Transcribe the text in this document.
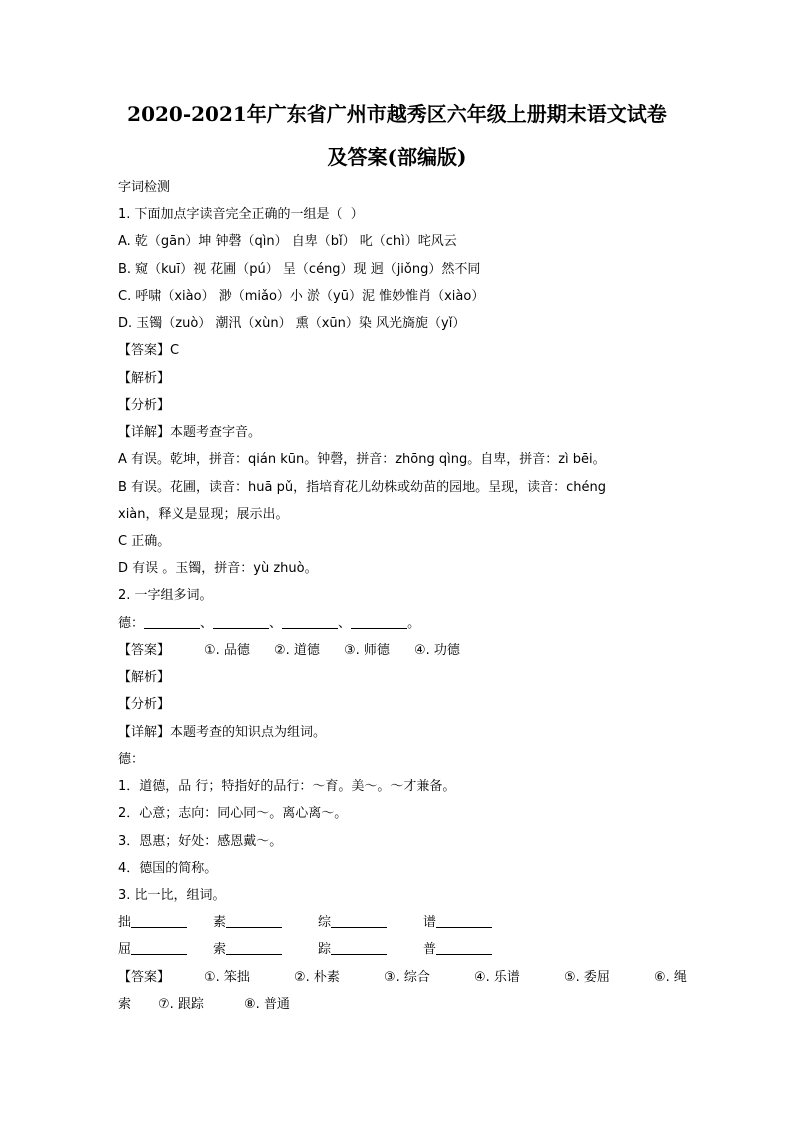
2020-2021年广东省广州市越秀区六年级上册期末语文试卷
及答案(部编版)
字词检测
1. 下面加点字读音完全正确的一组是（  ）
A. 乾（gān）坤 钟磬（qìn） 自卑（bǐ） 叱（chì）咤风云
B. 窥（kuī）视 花圃（pú） 呈（céng）现 迥（jiǒng）然不同
C. 呼啸（xiào） 渺（miǎo）小 淤（yū）泥 惟妙惟肖（xiào）
D. 玉镯（zuò） 潮汛（xùn） 熏（xūn）染 风光旖旎（yǐ）
【答案】C
【解析】
【分析】
【详解】本题考查字音。
A 有误。乾坤，拼音：qián kūn。钟磬，拼音：zhōng qìng。自卑，拼音：zì bēi。
B 有误。花圃，读音：huā pǔ，指培育花儿幼株或幼苗的园地。呈现，读音：chéng
xiàn，释义是显现；展示出。
C 正确。
D 有误 。玉镯，拼音：yù zhuò。
2. 一字组多词。
德：	、	、	、	。
【答案】	①. 品德 ②. 道德 ③. 师德 ④. 功德
【解析】
【分析】
【详解】本题考查的知识点为组词。
德：
1．道德，品 行；特指好的品行：～育。美～。～才兼备。
2．心意；志向：同心同～。离心离～。
3．恩惠；好处：感恩戴～。
4．德国的简称。
3. 比一比，组词。
拙	素	综	谱
屈	索	踪	普
【答案】	①. 笨拙	②. 朴素	③. 综合	④. 乐谱	⑤. 委屈	⑥. 绳
索 ⑦. 跟踪	⑧. 普通
